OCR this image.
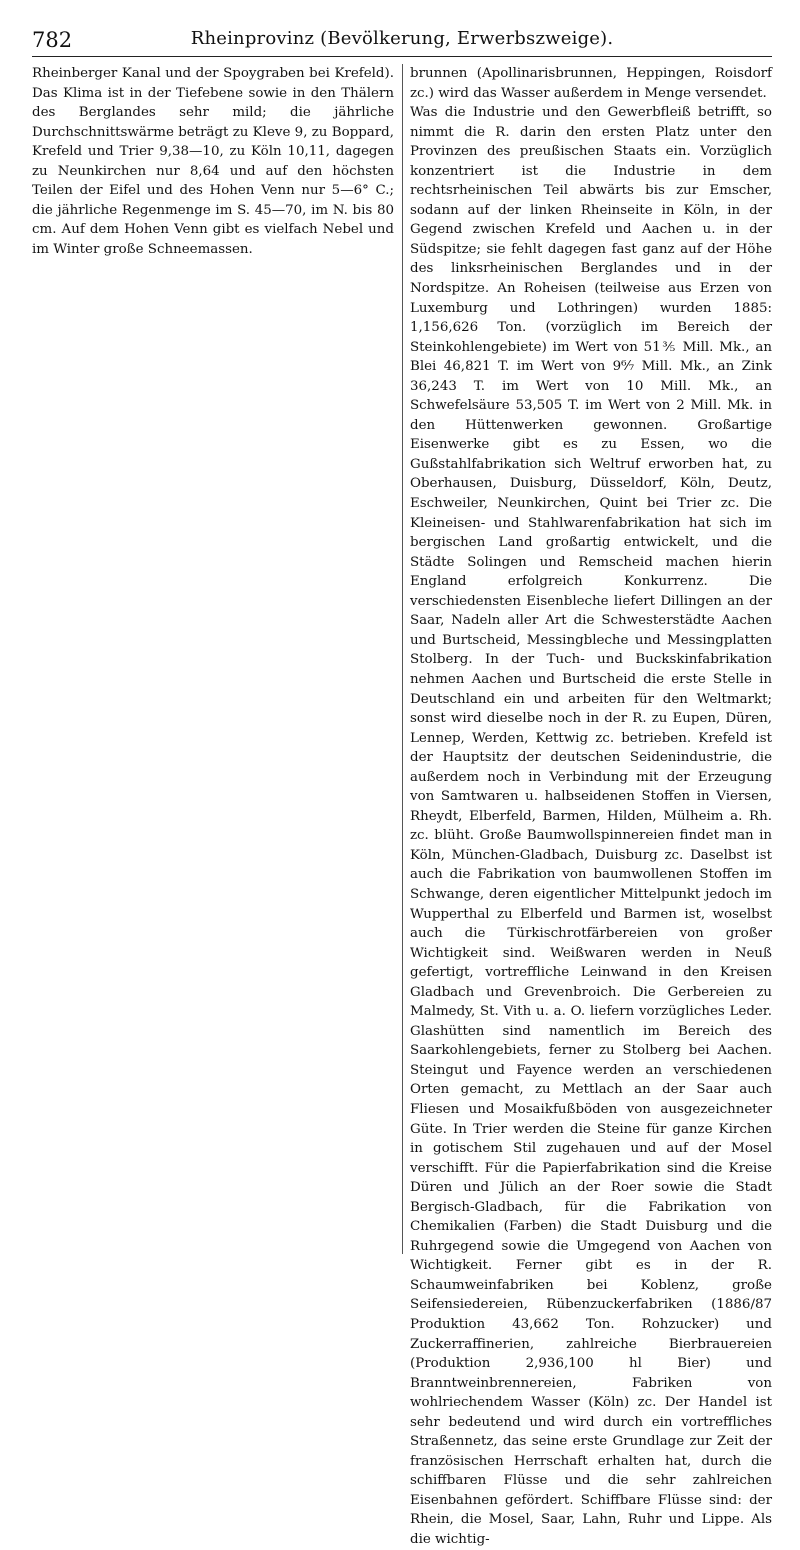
782	Rheinprovinz (Bevölkerung, Erwerbszweige).

Rheinberger Kanal und der Spoygraben bei Krefeld). Das Klima ist in der Tiefebene sowie in den Thälern des Berglandes sehr mild; die jährliche Durchschnittswärme beträgt zu Kleve 9, zu Boppard, Krefeld und Trier 9,38—10, zu Köln 10,11, dagegen zu Neunkirchen nur 8,64 und auf den höchsten Teilen der Eifel und des Hohen Venn nur 5—6° C.; die jährliche Regenmenge im S. 45—70, im N. bis 80 cm. Auf dem Hohen Venn gibt es vielfach Nebel und im Winter große Schneemassen.

brunnen (Apollinarisbrunnen, Heppingen, Roisdorf zc.) wird das Wasser außerdem in Menge versendet.

Was die Industrie und den Gewerbfleiß betrifft, so nimmt die R. darin den ersten Platz unter den Provinzen des preußischen Staats ein. Vorzüglich konzentriert ist die Industrie in dem rechtsrheinischen Teil abwärts bis zur Emscher, sodann auf der linken Rheinseite in Köln, in der Gegend zwischen Krefeld und Aachen u. in der Südspitze; sie fehlt dagegen fast ganz auf der Höhe des linksrheinischen Berglandes und in der Nordspitze. An Roheisen (teilweise aus Erzen von Luxemburg und Lothringen) wurden 1885: 1,156,626 Ton. (vorzüglich im Bereich der Steinkohlengebiete) im Wert von 51⅗ Mill. Mk., an Blei 46,821 T. im Wert von 9⁶⁄₇ Mill. Mk., an Zink 36,243 T. im Wert von 10 Mill. Mk., an Schwefelsäure 53,505 T. im Wert von 2 Mill. Mk. in den Hüttenwerken gewonnen. Großartige Eisenwerke gibt es zu Essen, wo die Gußstahlfabrikation sich Weltruf erworben hat, zu Oberhausen, Duisburg, Düsseldorf, Köln, Deutz, Eschweiler, Neunkirchen, Quint bei Trier zc. Die Kleineisen- und Stahlwarenfabrikation hat sich im bergischen Land großartig entwickelt, und die Städte Solingen und Remscheid machen hierin England erfolgreich Konkurrenz. Die verschiedensten Eisenbleche liefert Dillingen an der Saar, Nadeln aller Art die Schwesterstädte Aachen und Burtscheid, Messingbleche und Messingplatten Stolberg. In der Tuch- und Buckskinfabrikation nehmen Aachen und Burtscheid die erste Stelle in Deutschland ein und arbeiten für den Weltmarkt; sonst wird dieselbe noch in der R. zu Eupen, Düren, Lennep, Werden, Kettwig zc. betrieben. Krefeld ist der Hauptsitz der deutschen Seidenindustrie, die außerdem noch in Verbindung mit der Erzeugung von Samtwaren u. halbseidenen Stoffen in Viersen, Rheydt, Elberfeld, Barmen, Hilden, Mülheim a. Rh. zc. blüht. Große Baumwollspinnereien findet man in Köln, München-Gladbach, Duisburg zc. Daselbst ist auch die Fabrikation von baumwollenen Stoffen im Schwange, deren eigentlicher Mittelpunkt jedoch im Wupperthal zu Elberfeld und Barmen ist, woselbst auch die Türkischrotfärbereien von großer Wichtigkeit sind. Weißwaren werden in Neuß gefertigt, vortreffliche Leinwand in den Kreisen Gladbach und Grevenbroich. Die Gerbereien zu Malmedy, St. Vith u. a. O. liefern vorzügliches Leder. Glashütten sind namentlich im Bereich des Saarkohlengebiets, ferner zu Stolberg bei Aachen. Steingut und Fayence werden an verschiedenen Orten gemacht, zu Mettlach an der Saar auch Fliesen und Mosaikfußböden von ausgezeichneter Güte. In Trier werden die Steine für ganze Kirchen in gotischem Stil zugehauen und auf der Mosel verschifft. Für die Papierfabrikation sind die Kreise Düren und Jülich an der Roer sowie die Stadt Bergisch-Gladbach, für die Fabrikation von Chemikalien (Farben) die Stadt Duisburg und die Ruhrgegend sowie die Umgegend von Aachen von Wichtigkeit. Ferner gibt es in der R. Schaumweinfabriken bei Koblenz, große Seifensiedereien, Rübenzuckerfabriken (1886/87 Produktion 43,662 Ton. Rohzucker) und Zuckerraffinerien, zahlreiche Bierbrauereien (Produktion 2,936,100 hl Bier) und Branntweinbrennereien, Fabriken von wohlriechendem Wasser (Köln) zc. Der Handel ist sehr bedeutend und wird durch ein vortreffliches Straßennetz, das seine erste Grundlage zur Zeit der französischen Herrschaft erhalten hat, durch die schiffbaren Flüsse und die sehr zahlreichen Eisenbahnen gefördert. Schiffbare Flüsse sind: der Rhein, die Mosel, Saar, Lahn, Ruhr und Lippe. Als die wichtig-
